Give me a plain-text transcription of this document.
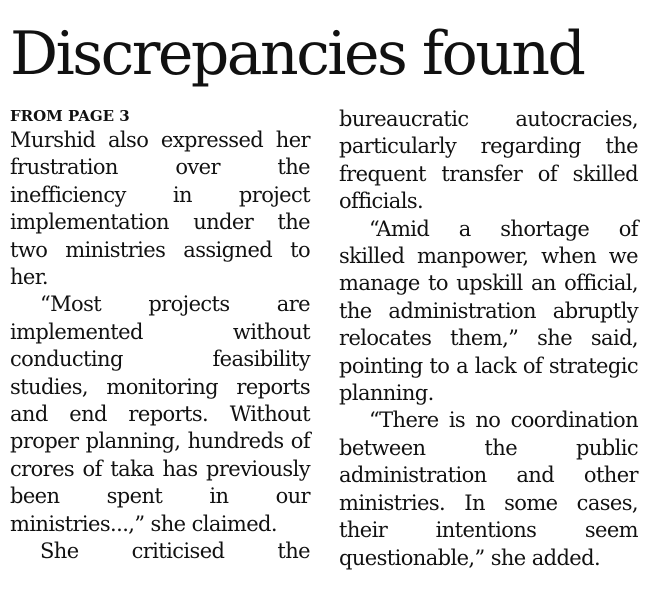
Discrepancies found
FROM PAGE 3

Murshid also expressed her frustration over the inefficiency in project implementation under the two ministries assigned to her.

“Most projects are implemented without conducting feasibility studies, monitoring reports and end reports. Without proper planning, hundreds of crores of taka has previously been spent in our ministries...,” she claimed.

She criticised the

bureaucratic autocracies, particularly regarding the frequent transfer of skilled officials.

“Amid a shortage of skilled manpower, when we manage to upskill an official, the administration abruptly relocates them,” she said, pointing to a lack of strategic planning.

“There is no coordination between the public administration and other ministries. In some cases, their intentions seem questionable,” she added.
